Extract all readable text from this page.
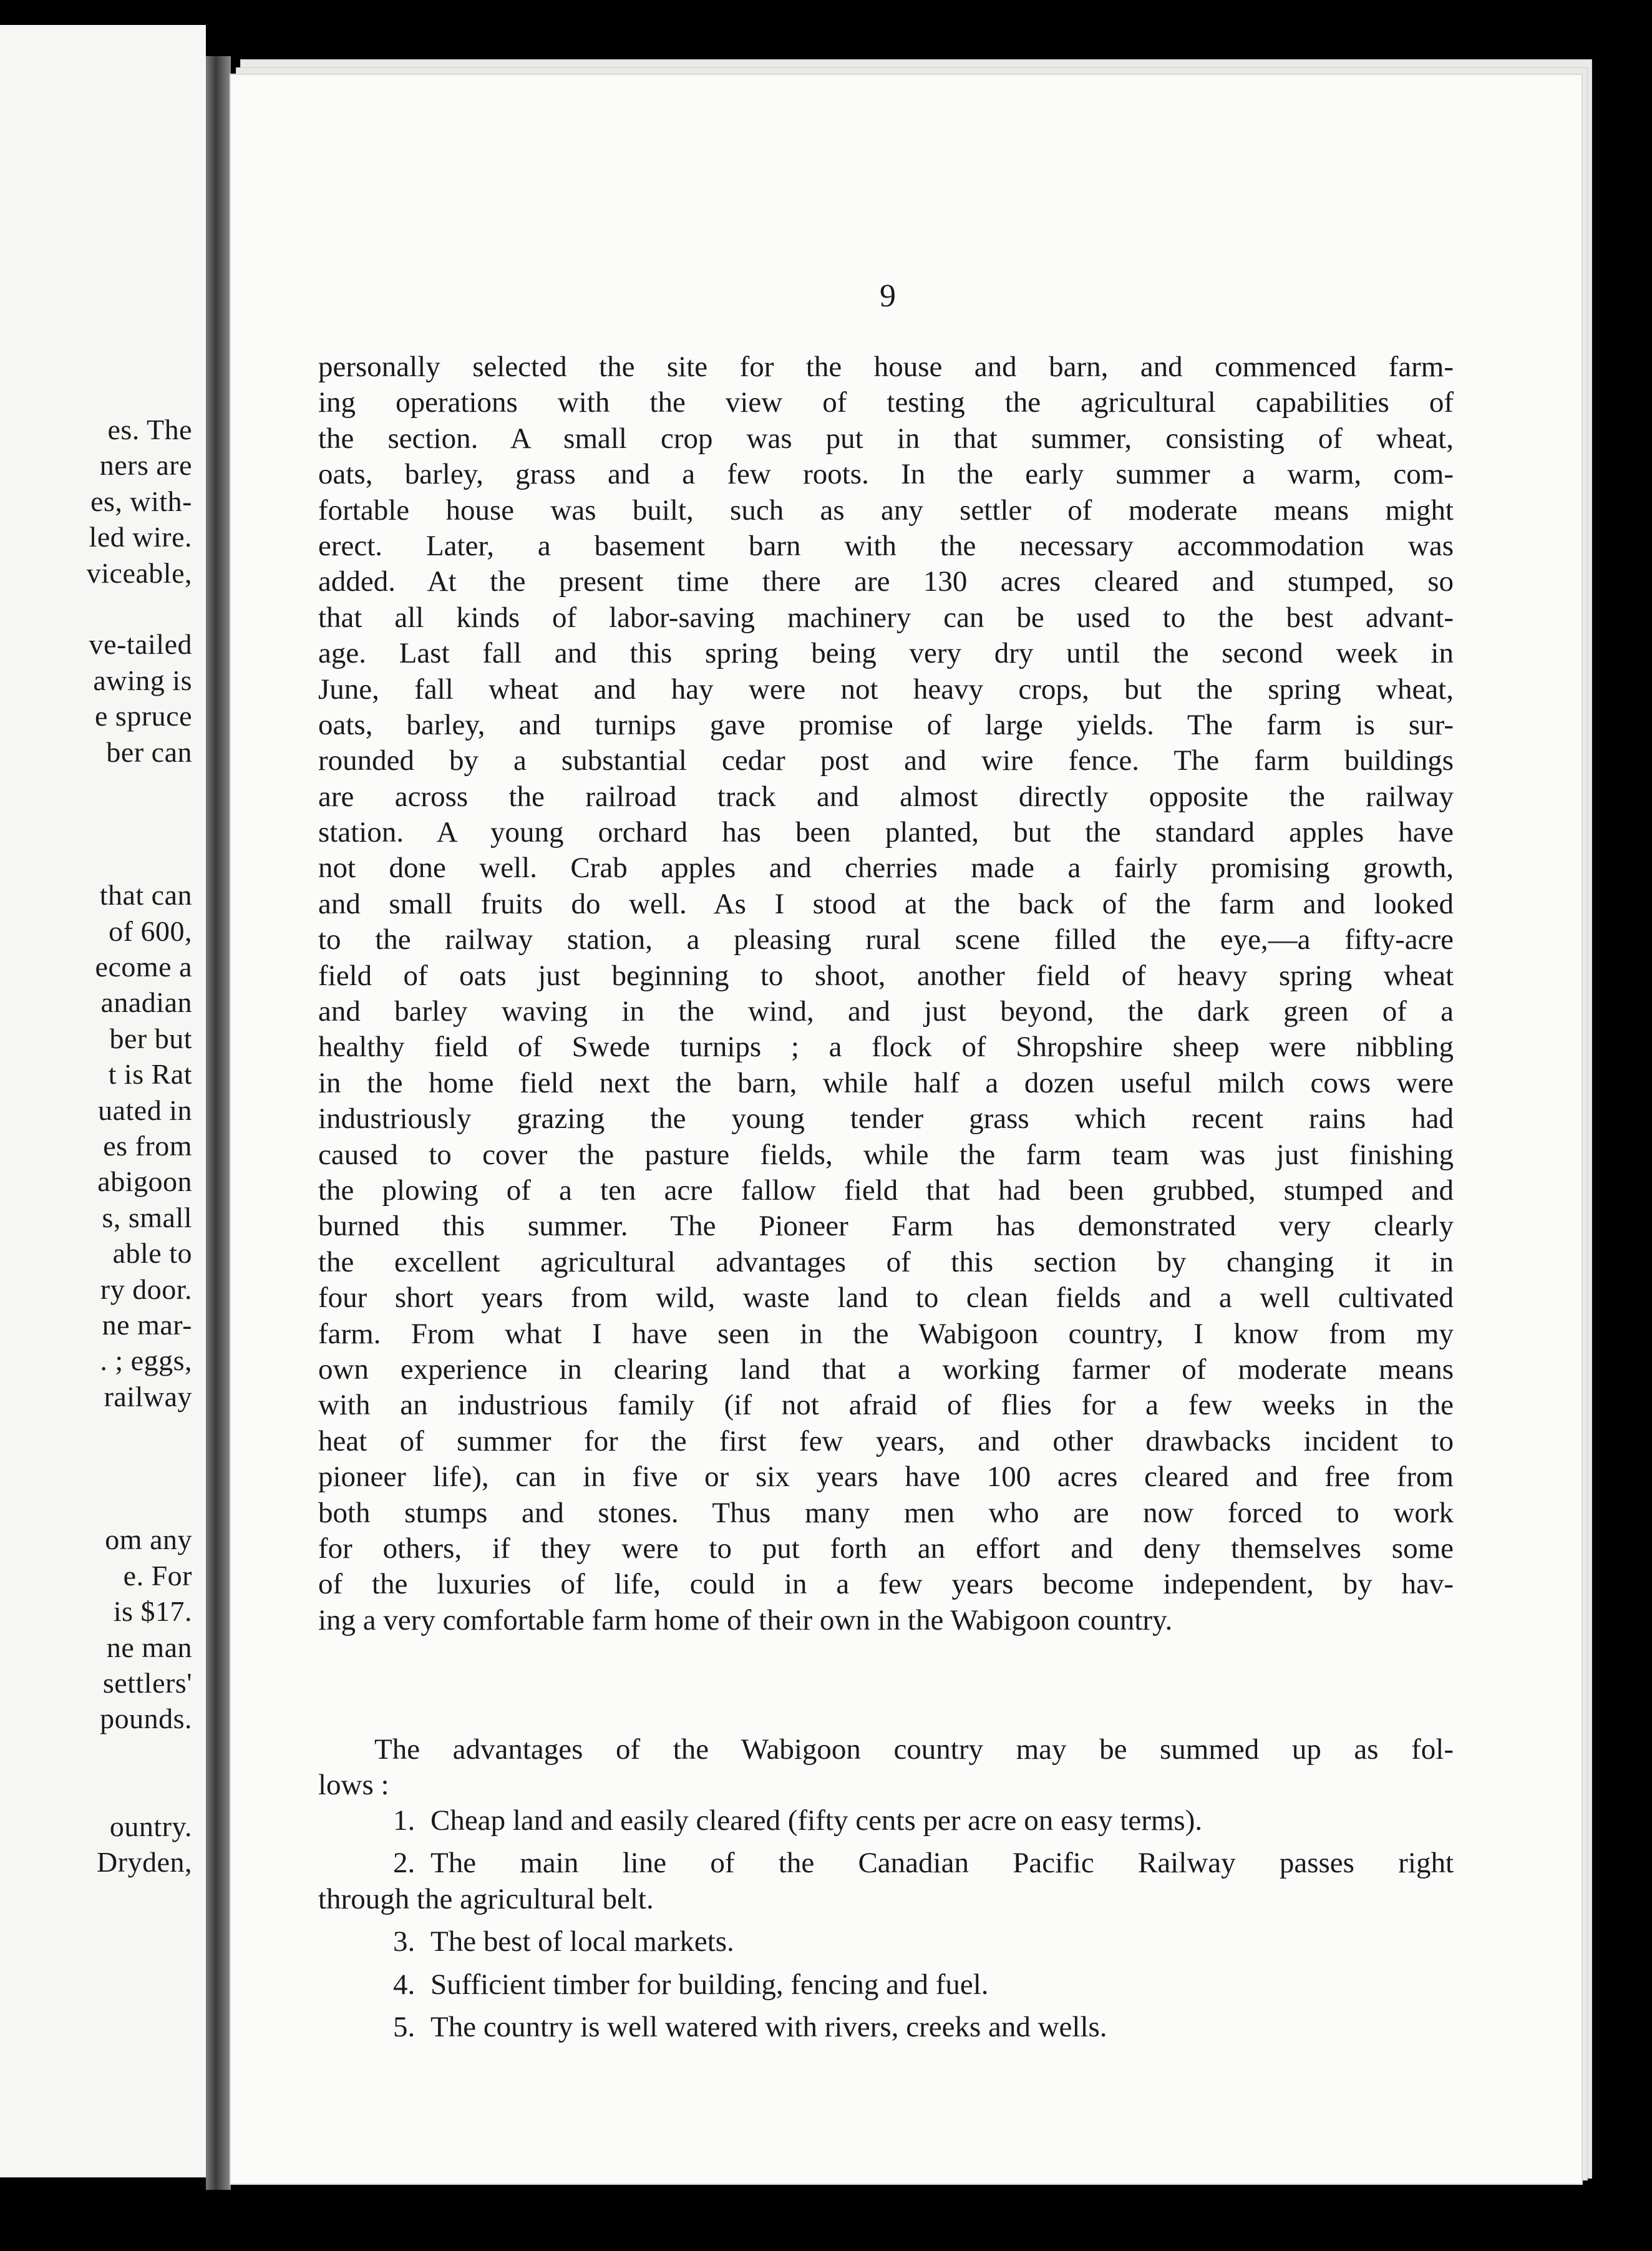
es. The
ners are
es, with-
led wire.
viceable,
ve-tailed
awing is
e spruce
ber can
that can
of 600,
ecome a
anadian
ber but
t is Rat
uated in
es from
abigoon
s, small
able to
ry door.
ne mar-
. ; eggs,
railway
om any
e. For
is $17.
ne man
settlers'
pounds.
ountry.
Dryden,
9
personally selected the site for the house and barn, and commenced farm-
ing operations with the view of testing the agricultural capabilities of
the section. A small crop was put in that summer, consisting of wheat,
oats, barley, grass and a few roots. In the early summer a warm, com-
fortable house was built, such as any settler of moderate means might
erect. Later, a basement barn with the necessary accommodation was
added. At the present time there are 130 acres cleared and stumped, so
that all kinds of labor-saving machinery can be used to the best advant-
age. Last fall and this spring being very dry until the second week in
June, fall wheat and hay were not heavy crops, but the spring wheat,
oats, barley, and turnips gave promise of large yields. The farm is sur-
rounded by a substantial cedar post and wire fence. The farm buildings
are across the railroad track and almost directly opposite the railway
station. A young orchard has been planted, but the standard apples have
not done well. Crab apples and cherries made a fairly promising growth,
and small fruits do well. As I stood at the back of the farm and looked
to the railway station, a pleasing rural scene filled the eye,—a fifty-acre
field of oats just beginning to shoot, another field of heavy spring wheat
and barley waving in the wind, and just beyond, the dark green of a
healthy field of Swede turnips ; a flock of Shropshire sheep were nibbling
in the home field next the barn, while half a dozen useful milch cows were
industriously grazing the young tender grass which recent rains had
caused to cover the pasture fields, while the farm team was just finishing
the plowing of a ten acre fallow field that had been grubbed, stumped and
burned this summer. The Pioneer Farm has demonstrated very clearly
the excellent agricultural advantages of this section by changing it in
four short years from wild, waste land to clean fields and a well cultivated
farm. From what I have seen in the Wabigoon country, I know from my
own experience in clearing land that a working farmer of moderate means
with an industrious family (if not afraid of flies for a few weeks in the
heat of summer for the first few years, and other drawbacks incident to
pioneer life), can in five or six years have 100 acres cleared and free from
both stumps and stones. Thus many men who are now forced to work
for others, if they were to put forth an effort and deny themselves some
of the luxuries of life, could in a few years become independent, by hav-
ing a very comfortable farm home of their own in the Wabigoon country.
The advantages of the Wabigoon country may be summed up as fol-
lows :
1. Cheap land and easily cleared (fifty cents per acre on easy terms).
2. The main line of the Canadian Pacific Railway passes right
through the agricultural belt.
3. The best of local markets.
4. Sufficient timber for building, fencing and fuel.
5. The country is well watered with rivers, creeks and wells.
